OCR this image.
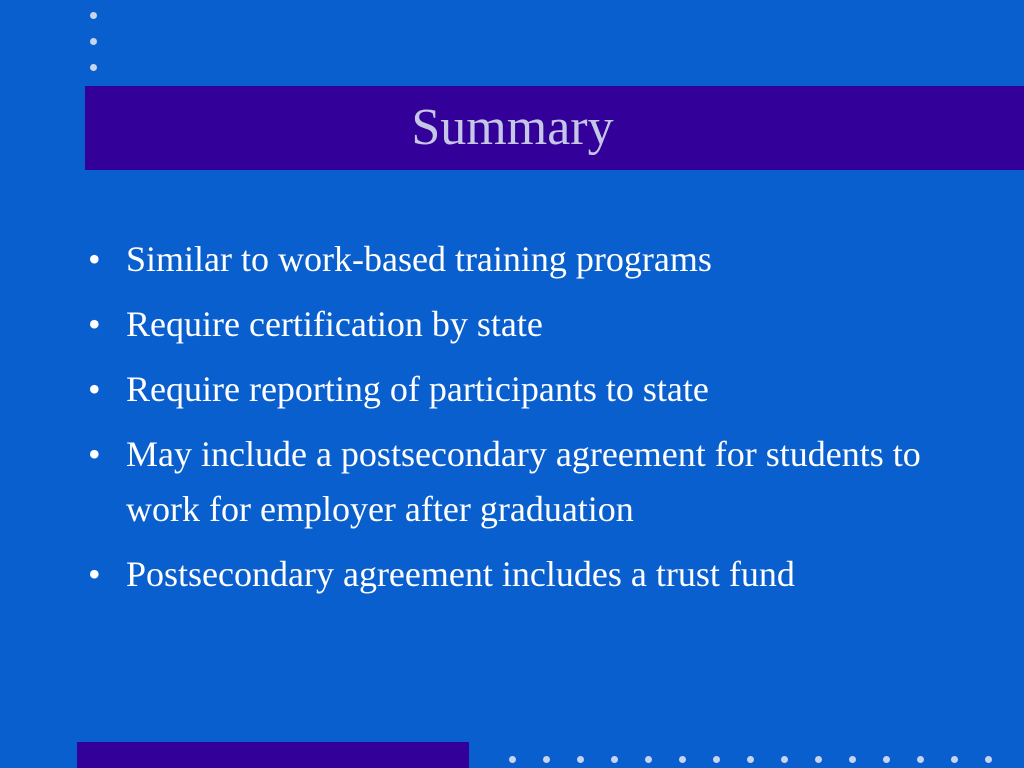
Summary
• Similar to work-based training programs
• Require certification by state
• Require reporting of participants to state
• May include a postsecondary agreement for students to work for employer after graduation
• Postsecondary agreement includes a trust fund
